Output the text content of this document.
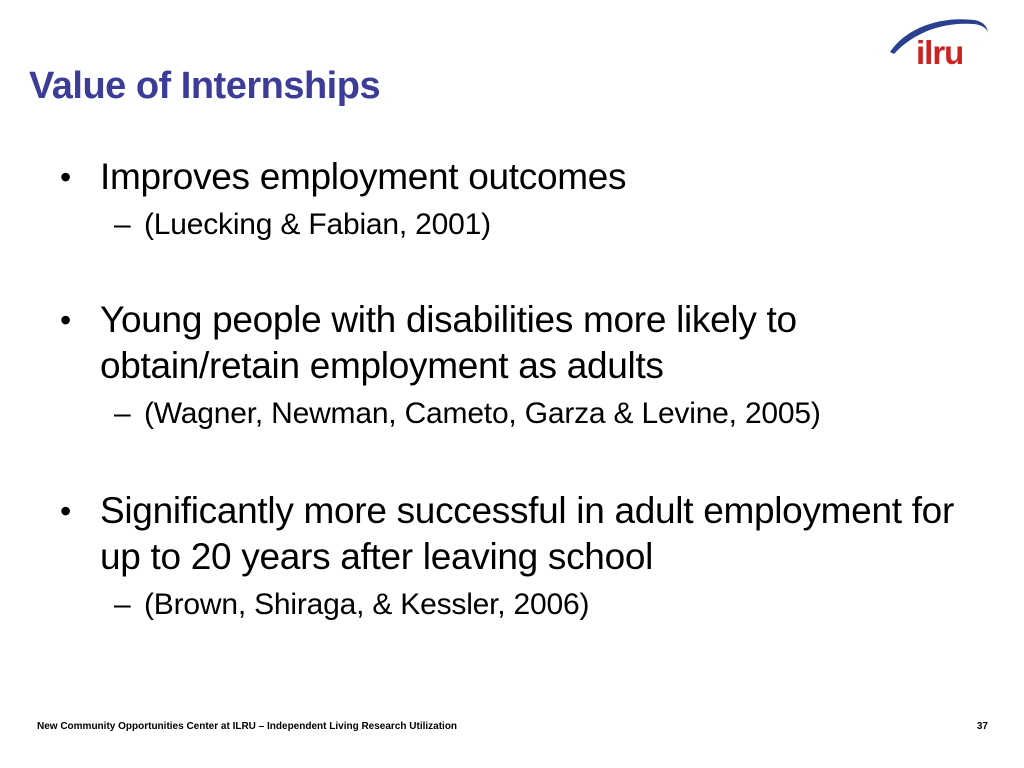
Value of Internships
ilru
• Improves employment outcomes
– (Luecking & Fabian, 2001)
• Young people with disabilities more likely to obtain/retain employment as adults
– (Wagner, Newman, Cameto, Garza & Levine, 2005)
• Significantly more successful in adult employment for up to 20 years after leaving school
– (Brown, Shiraga, & Kessler, 2006)
New Community Opportunities Center at ILRU – Independent Living Research Utilization	37
